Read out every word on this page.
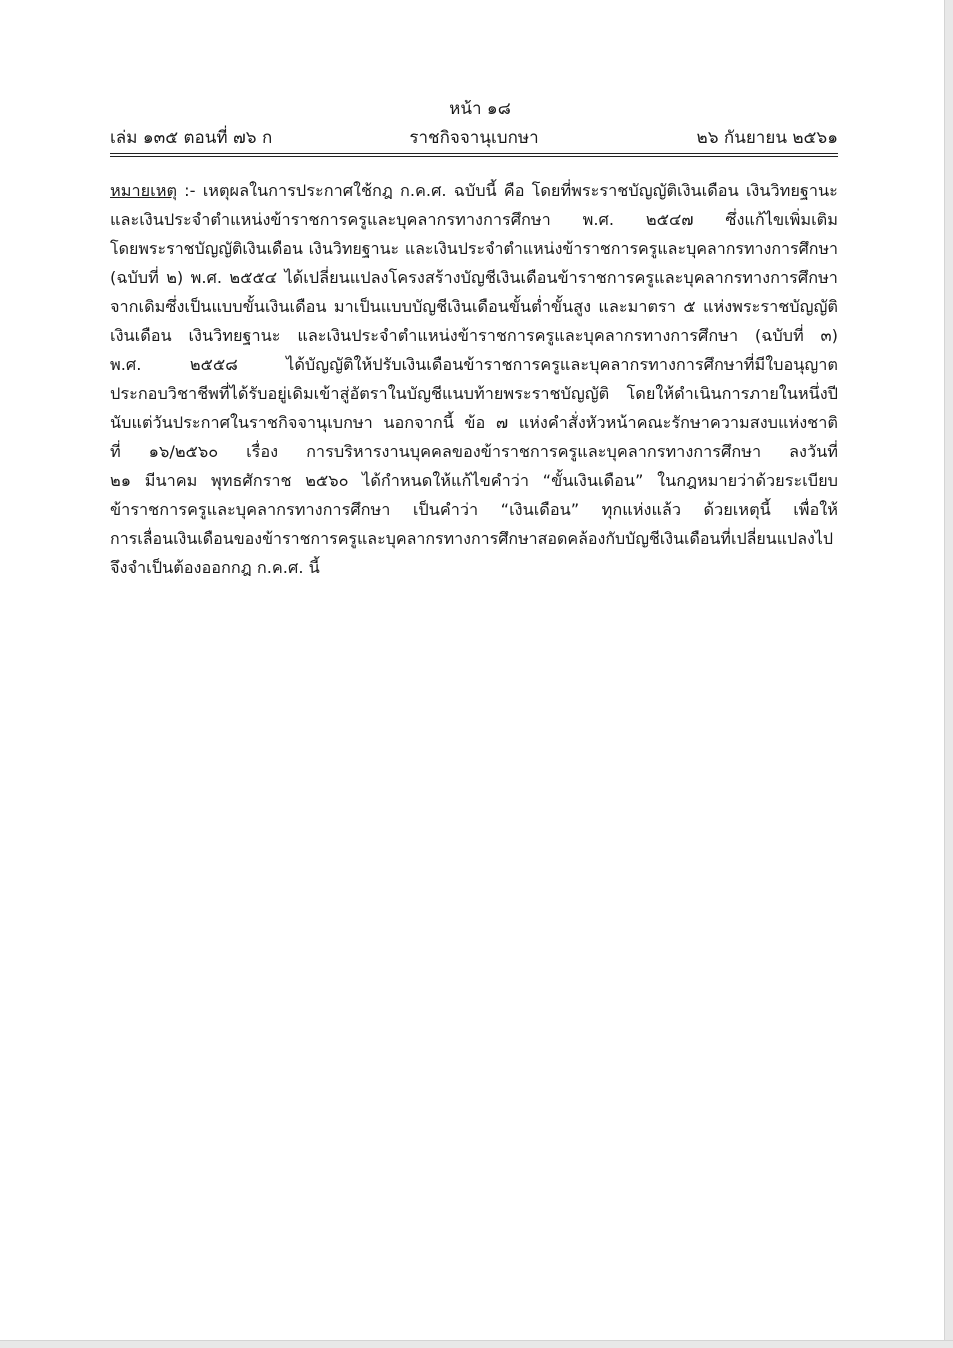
หน้า ๑๘
เล่ม ๑๓๕ ตอนที่ ๗๖ ก	ราชกิจจานุเบกษา	๒๖ กันยายน ๒๕๖๑
หมายเหตุ :- เหตุผลในการประกาศใช้กฎ ก.ค.ศ. ฉบับนี้ คือ โดยที่พระราชบัญญัติเงินเดือน เงินวิทยฐานะ
และเงินประจำตำแหน่งข้าราชการครูและบุคลากรทางการศึกษา พ.ศ. ๒๕๔๗ ซึ่งแก้ไขเพิ่มเติม
โดยพระราชบัญญัติเงินเดือน เงินวิทยฐานะ และเงินประจำตำแหน่งข้าราชการครูและบุคลากรทางการศึกษา
(ฉบับที่ ๒) พ.ศ. ๒๕๕๔ ได้เปลี่ยนแปลงโครงสร้างบัญชีเงินเดือนข้าราชการครูและบุคลากรทางการศึกษา
จากเดิมซึ่งเป็นแบบขั้นเงินเดือน มาเป็นแบบบัญชีเงินเดือนขั้นต่ำขั้นสูง และมาตรา ๕ แห่งพระราชบัญญัติ
เงินเดือน เงินวิทยฐานะ และเงินประจำตำแหน่งข้าราชการครูและบุคลากรทางการศึกษา (ฉบับที่ ๓)
พ.ศ.	๒๕๕๘	ได้บัญญัติให้ปรับเงินเดือนข้าราชการครูและบุคลากรทางการศึกษาที่มีใบอนุญาต
ประกอบวิชาชีพที่ได้รับอยู่เดิมเข้าสู่อัตราในบัญชีแนบท้ายพระราชบัญญัติ โดยให้ดำเนินการภายในหนึ่งปี
นับแต่วันประกาศในราชกิจจานุเบกษา นอกจากนี้ ข้อ ๗ แห่งคำสั่งหัวหน้าคณะรักษาความสงบแห่งชาติ
ที่ ๑๖/๒๕๖๐ เรื่อง การบริหารงานบุคคลของข้าราชการครูและบุคลากรทางการศึกษา ลงวันที่
๒๑ มีนาคม พุทธศักราช ๒๕๖๐ ได้กำหนดให้แก้ไขคำว่า “ขั้นเงินเดือน” ในกฎหมายว่าด้วยระเบียบ
ข้าราชการครูและบุคลากรทางการศึกษา เป็นคำว่า “เงินเดือน” ทุกแห่งแล้ว ด้วยเหตุนี้ เพื่อให้
การเลื่อนเงินเดือนของข้าราชการครูและบุคลากรทางการศึกษาสอดคล้องกับบัญชีเงินเดือนที่เปลี่ยนแปลงไป
จึงจำเป็นต้องออกกฎ ก.ค.ศ. นี้
